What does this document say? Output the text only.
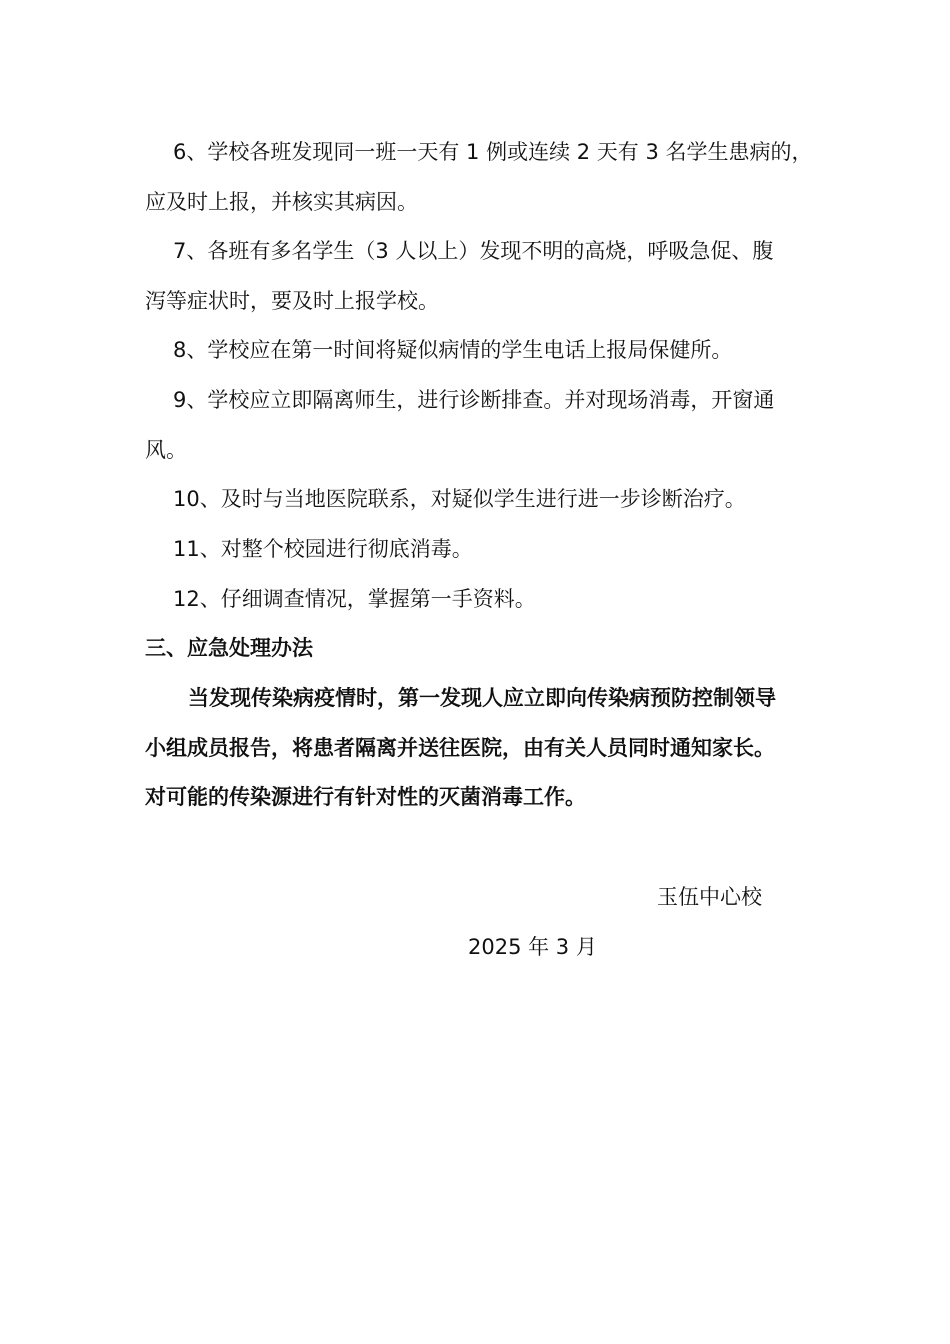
6、学校各班发现同一班一天有 1 例或连续 2 天有 3 名学生患病的，
应及时上报，并核实其病因。
7、各班有多名学生（3 人以上）发现不明的高烧，呼吸急促、腹
泻等症状时，要及时上报学校。
8、学校应在第一时间将疑似病情的学生电话上报局保健所。
9、学校应立即隔离师生，进行诊断排查。并对现场消毒，开窗通
风。
10、及时与当地医院联系，对疑似学生进行进一步诊断治疗。
11、对整个校园进行彻底消毒。
12、仔细调查情况，掌握第一手资料。
三、应急处理办法
当发现传染病疫情时，第一发现人应立即向传染病预防控制领导
小组成员报告，将患者隔离并送往医院，由有关人员同时通知家长。
对可能的传染源进行有针对性的灭菌消毒工作。
玉伍中心校
2025 年 3 月
